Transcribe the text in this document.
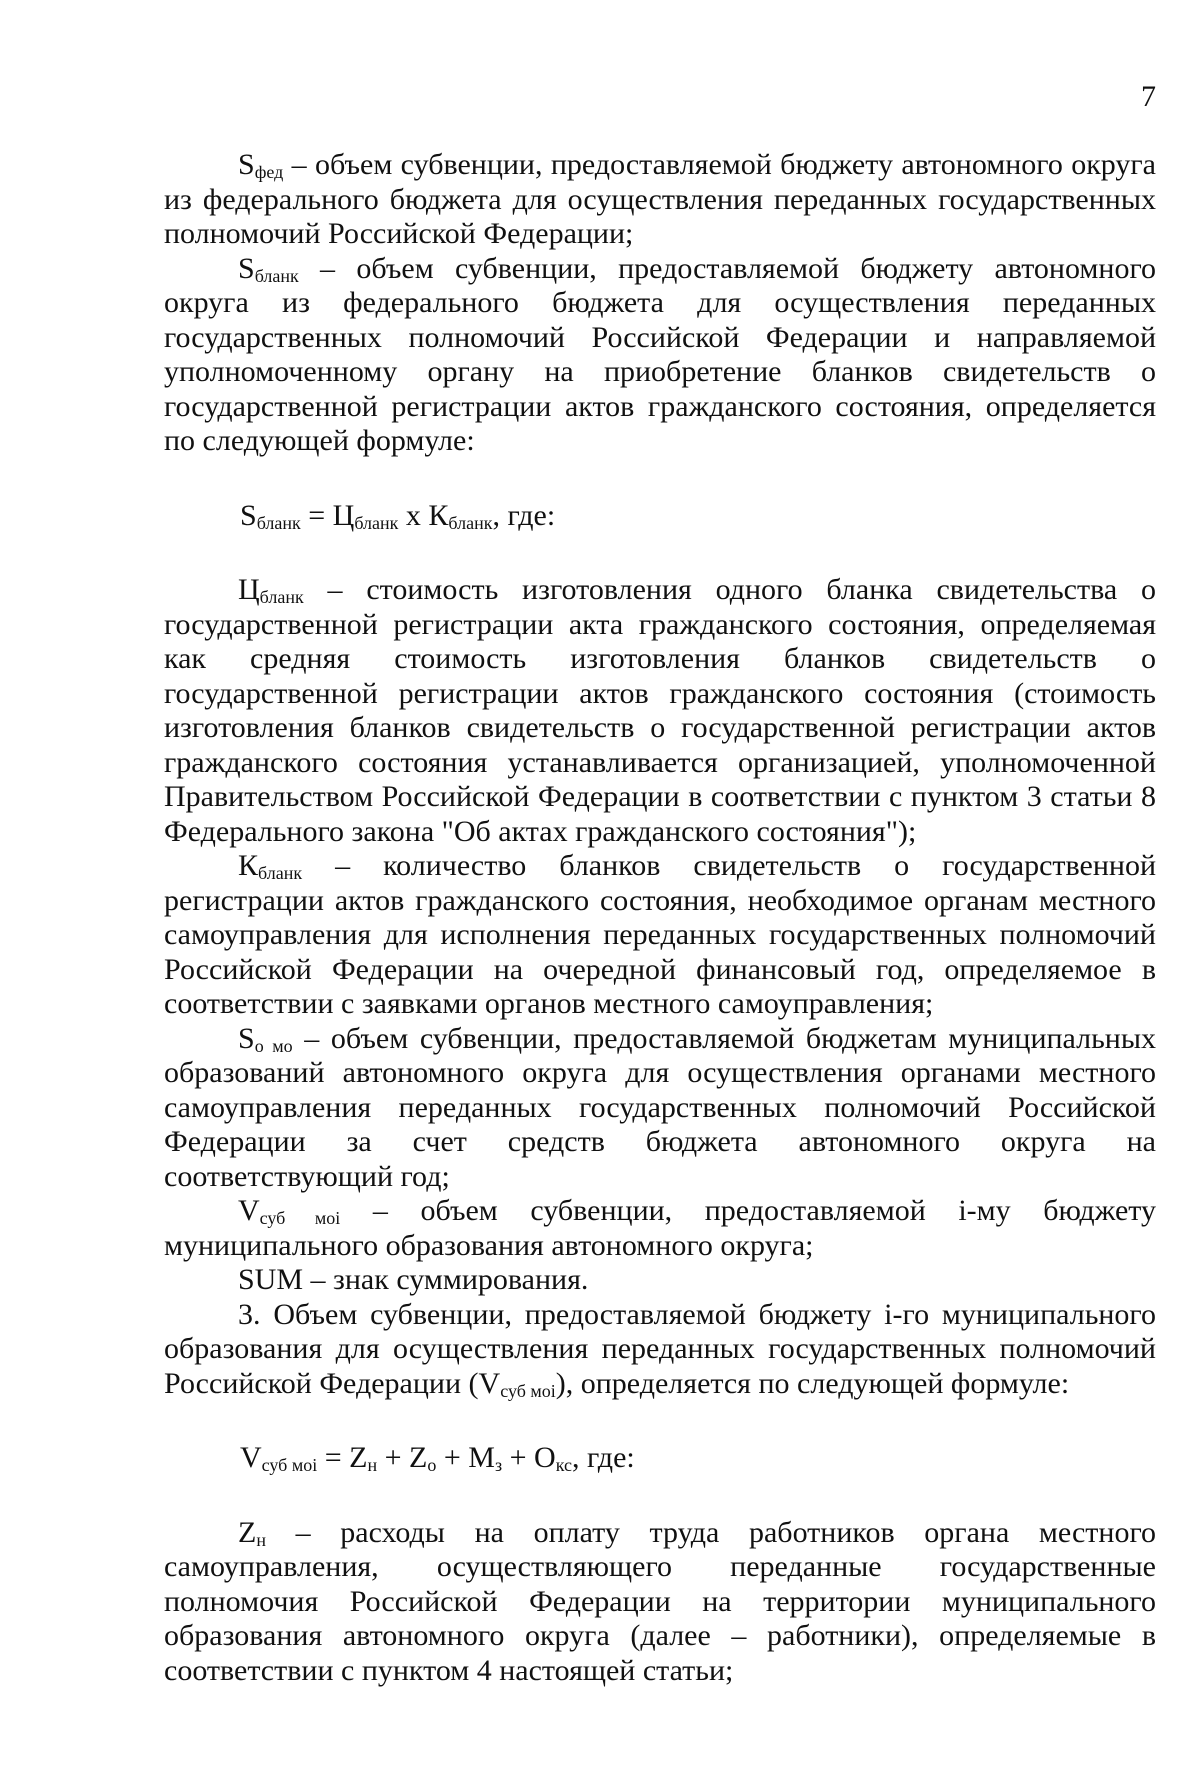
7

$S_{фед}$ – объем субвенции, предоставляемой бюджету автономного округа из федерального бюджета для осуществления переданных государственных полномочий Российской Федерации;

$S_{бланк}$ – объем субвенции, предоставляемой бюджету автономного округа из федерального бюджета для осуществления переданных государственных полномочий Российской Федерации и направляемой уполномоченному органу на приобретение бланков свидетельств о государственной регистрации актов гражданского состояния, определяется по следующей формуле:

$S_{бланк} = Ц_{бланк}$ х $К_{бланк}$, где:

$Ц_{бланк}$ – стоимость изготовления одного бланка свидетельства о государственной регистрации акта гражданского состояния, определяемая как средняя стоимость изготовления бланков свидетельств о государственной регистрации актов гражданского состояния (стоимость изготовления бланков свидетельств о государственной регистрации актов гражданского состояния устанавливается организацией, уполномоченной Правительством Российской Федерации в соответствии с пунктом 3 статьи 8 Федерального закона "Об актах гражданского состояния");

$К_{бланк}$ – количество бланков свидетельств о государственной регистрации актов гражданского состояния, необходимое органам местного самоуправления для исполнения переданных государственных полномочий Российской Федерации на очередной финансовый год, определяемое в соответствии с заявками органов местного самоуправления;

$S_{о мо}$ – объем субвенции, предоставляемой бюджетам муниципальных образований автономного округа для осуществления органами местного самоуправления переданных государственных полномочий Российской Федерации за счет средств бюджета автономного округа на соответствующий год;

$V_{суб моi}$ – объем субвенции, предоставляемой i-му бюджету муниципального образования автономного округа;

SUM – знак суммирования.

3. Объем субвенции, предоставляемой бюджету i-го муниципального образования для осуществления переданных государственных полномочий Российской Федерации $(V_{суб моi})$, определяется по следующей формуле:

$V_{суб моi} = Z_н + Z_о + М_з + О_{кс}$, где:

$Z_н$ – расходы на оплату труда работников органа местного самоуправления, осуществляющего переданные государственные полномочия Российской Федерации на территории муниципального образования автономного округа (далее – работники), определяемые в соответствии с пунктом 4 настоящей статьи;
